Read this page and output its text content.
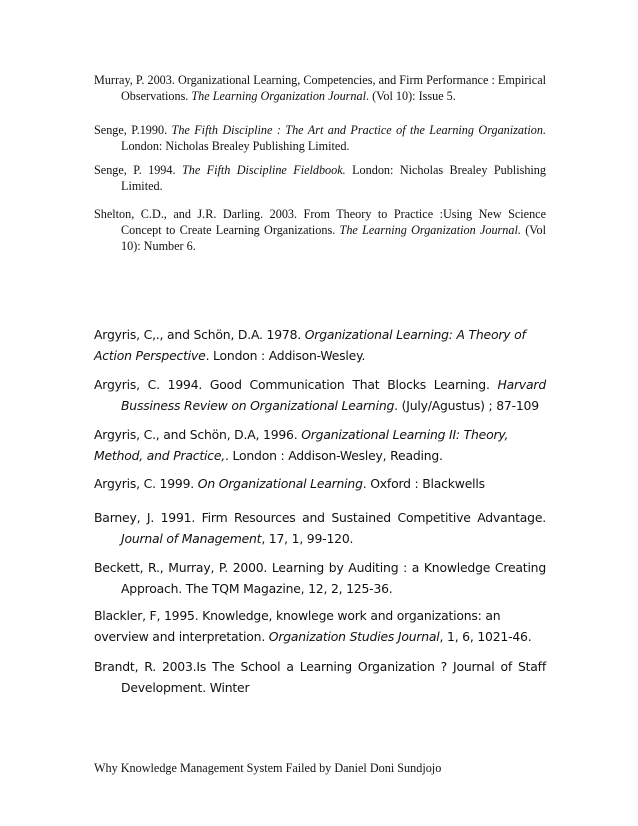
Murray, P. 2003. Organizational Learning, Competencies, and Firm Performance : Empirical Observations. The Learning Organization Journal. (Vol 10): Issue 5.

Senge, P.1990. The Fifth Discipline : The Art and Practice of the Learning Organization. London: Nicholas Brealey Publishing Limited.

Senge, P. 1994. The Fifth Discipline Fieldbook. London: Nicholas Brealey Publishing Limited.

Shelton, C.D., and J.R. Darling. 2003. From Theory to Practice :Using New Science Concept to Create Learning Organizations. The Learning Organization Journal. (Vol 10): Number 6.

Argyris, C,., and Schön, D.A. 1978. Organizational Learning: A Theory of Action Perspective. London : Addison-Wesley.

Argyris, C. 1994. Good Communication That Blocks Learning. Harvard Bussiness Review on Organizational Learning. (July/Agustus) ; 87-109

Argyris, C., and Schön, D.A, 1996. Organizational Learning II: Theory, Method, and Practice,. London : Addison-Wesley, Reading.

Argyris, C. 1999. On Organizational Learning. Oxford : Blackwells

Barney, J. 1991. Firm Resources and Sustained Competitive Advantage. Journal of Management, 17, 1, 99-120.

Beckett, R., Murray, P. 2000. Learning by Auditing : a Knowledge Creating Approach. The TQM Magazine, 12, 2, 125-36.

Blackler, F, 1995. Knowledge, knowlege work and organizations: an overview and interpretation. Organization Studies Journal, 1, 6, 1021-46.

Brandt, R. 2003.Is The School a Learning Organization ? Journal of Staff Development. Winter

Why Knowledge Management System Failed by Daniel Doni Sundjojo
